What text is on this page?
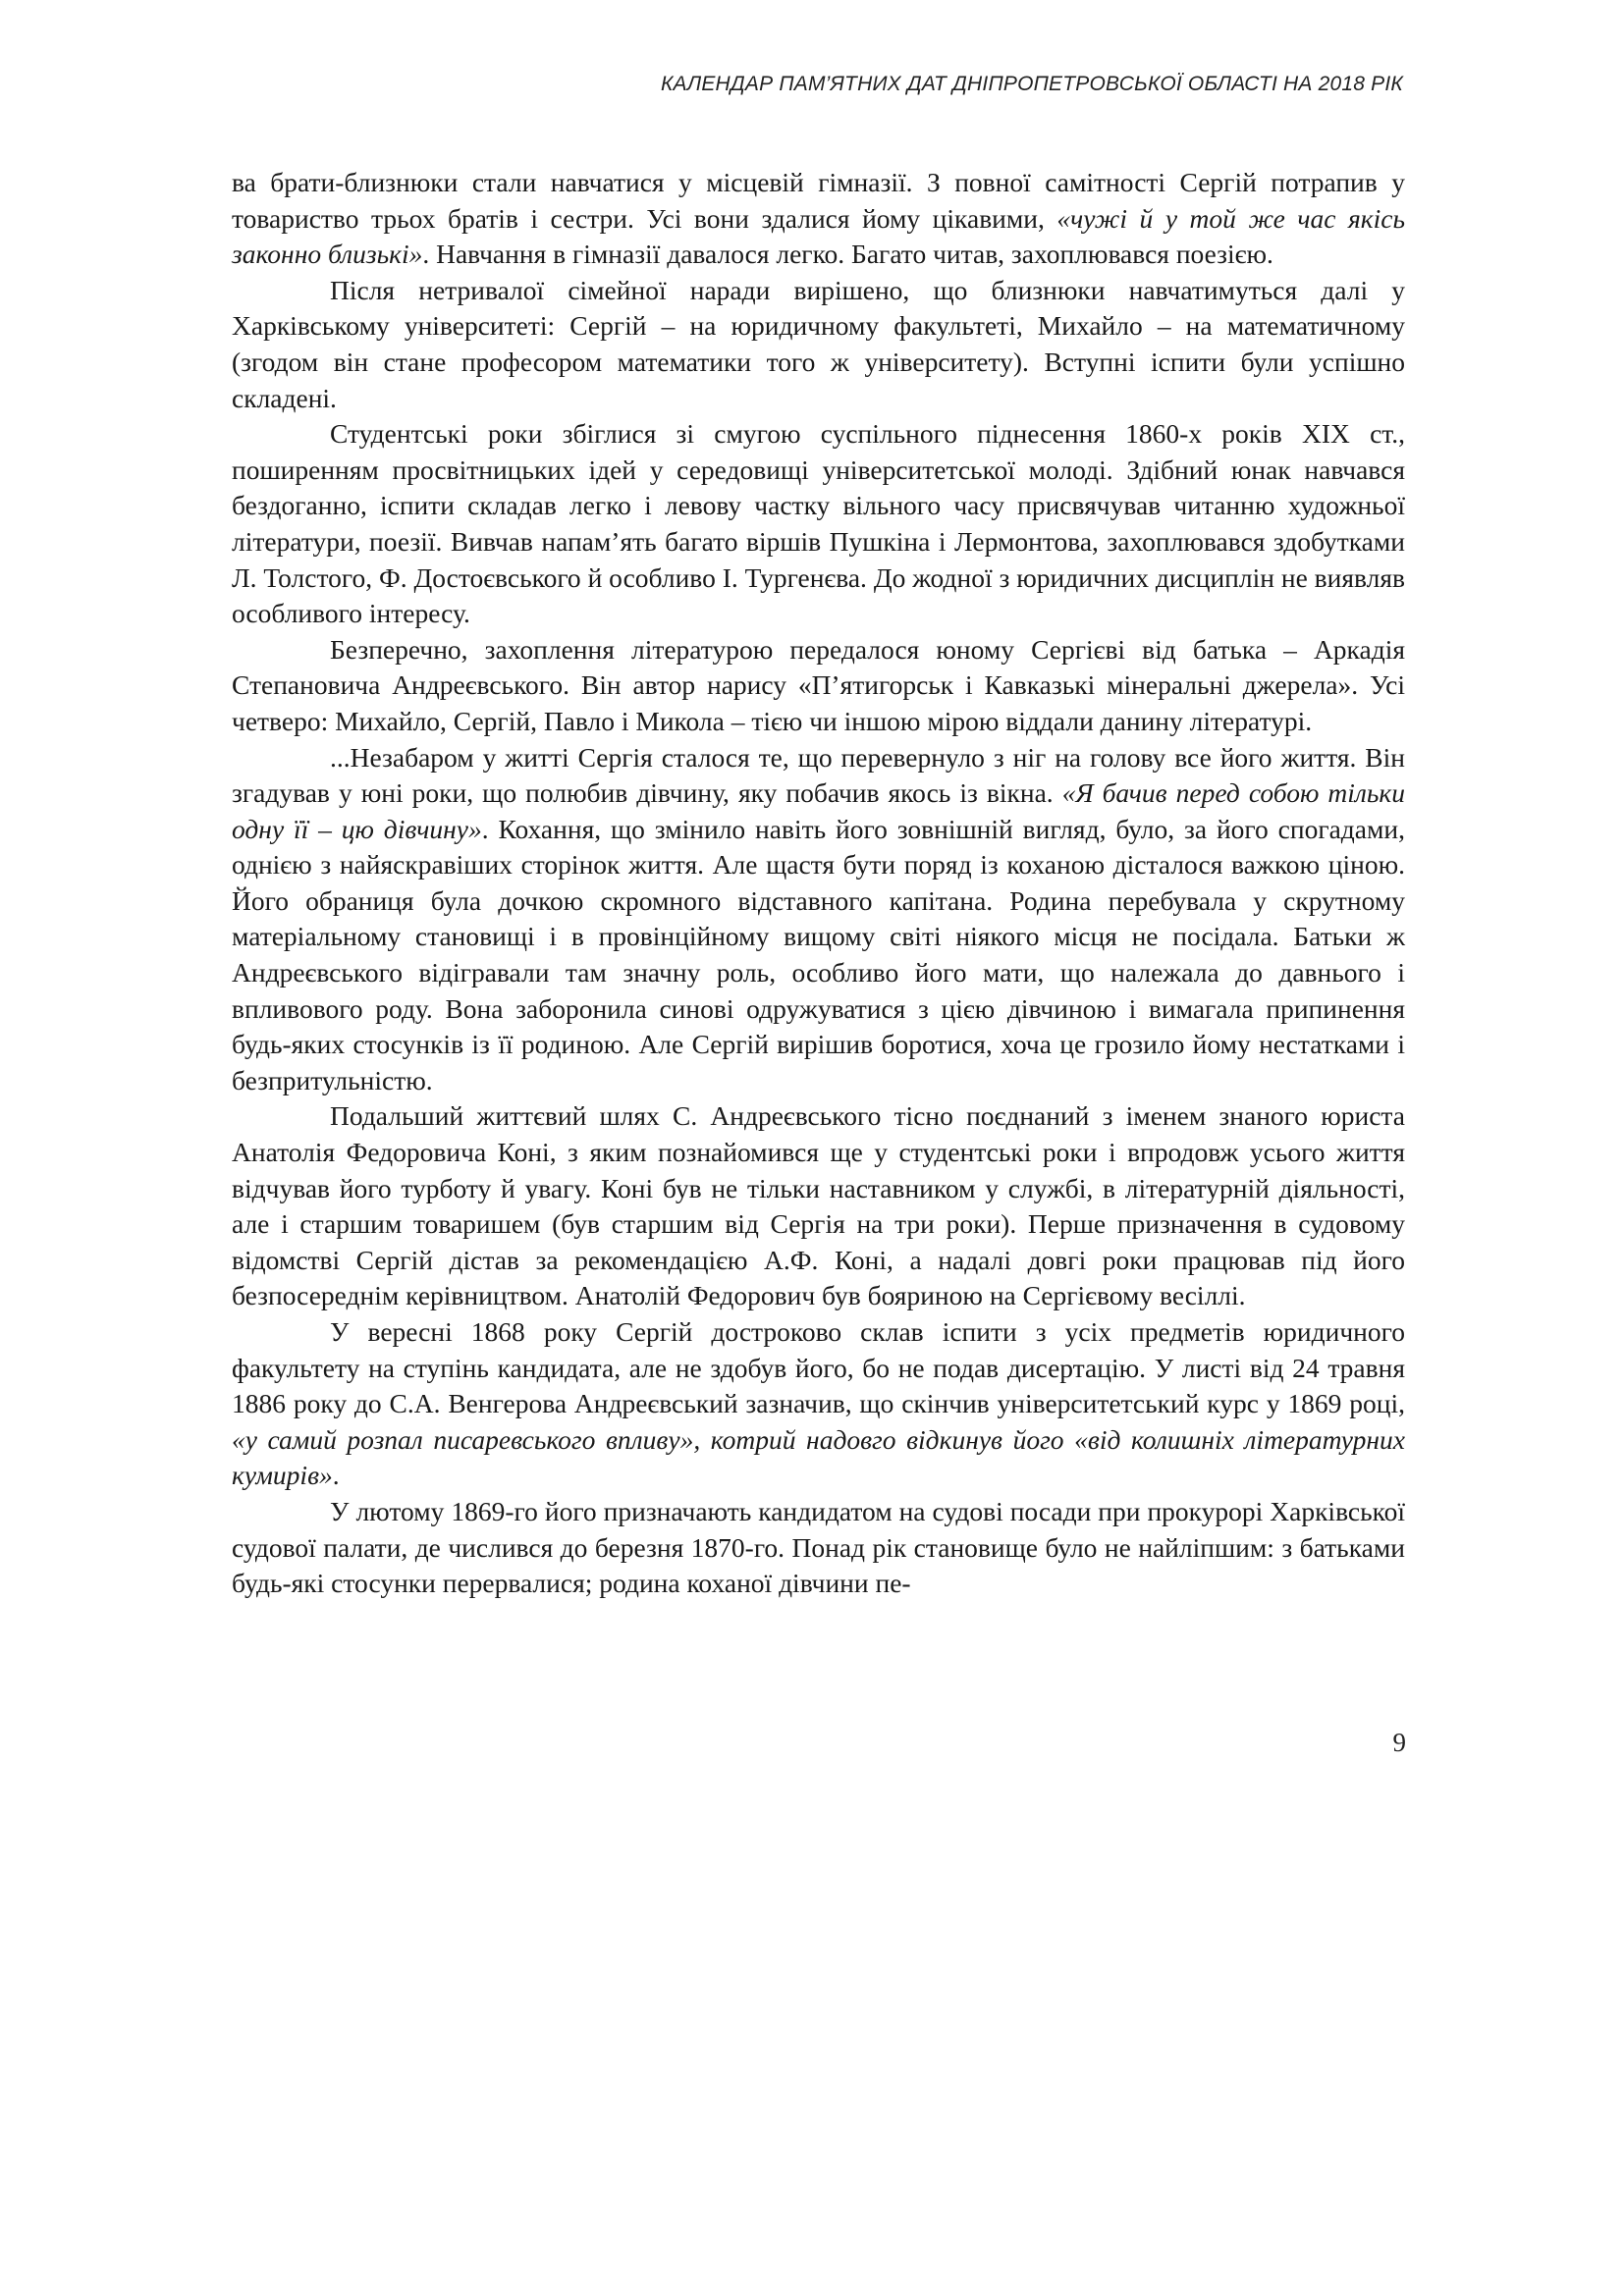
КАЛЕНДАР ПАМ’ЯТНИХ ДАТ ДНІПРОПЕТРОВСЬКОЇ ОБЛАСТІ НА 2018 РІК

ва брати-близнюки стали навчатися у місцевій гімназії. З повної самітності Сергій потрапив у товариство трьох братів і сестри. Усі вони здалися йому цікавими, «чужі й у той же час якісь законно близькі». Навчання в гімназії давалося легко. Багато читав, захоплювався поезією.

Після нетривалої сімейної наради вирішено, що близнюки навчатимуться далі у Харківському університеті: Сергій – на юридичному факультеті, Михайло – на математичному (згодом він стане професором математики того ж університету). Вступні іспити були успішно складені.

Студентські роки збіглися зі смугою суспільного піднесення 1860-х років XIX ст., поширенням просвітницьких ідей у середовищі університетської молоді. Здібний юнак навчався бездоганно, іспити складав легко і левову частку вільного часу присвячував читанню художньої літератури, поезії. Вивчав напам’ять багато віршів Пушкіна і Лермонтова, захоплювався здобутками Л. Толстого, Ф. Достоєвського й особливо І. Тургенєва. До жодної з юридичних дисциплін не виявляв особливого інтересу.

Безперечно, захоплення літературою передалося юному Сергієві від батька – Аркадія Степановича Андреєвського. Він автор нарису «П’ятигорськ і Кавказькі мінеральні джерела». Усі четверо: Михайло, Сергій, Павло і Микола – тією чи іншою мірою віддали данину літературі.

...Незабаром у житті Сергія сталося те, що перевернуло з ніг на голову все його життя. Він згадував у юні роки, що полюбив дівчину, яку побачив якось із вікна. «Я бачив перед собою тільки одну її – цю дівчину». Кохання, що змінило навіть його зовнішній вигляд, було, за його спогадами, однією з найяскравіших сторінок життя. Але щастя бути поряд із коханою дісталося важкою ціною. Його обраниця була дочкою скромного відставного капітана. Родина перебувала у скрутному матеріальному становищі і в провінційному вищому світі ніякого місця не посідала. Батьки ж Андреєвського відігравали там значну роль, особливо його мати, що належала до давнього і впливового роду. Вона заборонила синові одружуватися з цією дівчиною і вимагала припинення будь-яких стосунків із її родиною. Але Сергій вирішив боротися, хоча це грозило йому нестатками і безпритульністю.

Подальший життєвий шлях С. Андреєвського тісно поєднаний з іменем знаного юриста Анатолія Федоровича Коні, з яким познайомився ще у студентські роки і впродовж усього життя відчував його турботу й увагу. Коні був не тільки наставником у службі, в літературній діяльності, але і старшим товаришем (був старшим від Сергія на три роки). Перше призначення в судовому відомстві Сергій дістав за рекомендацією А.Ф. Коні, а надалі довгі роки працював під його безпосереднім керівництвом. Анатолій Федорович був бояриною на Сергієвому весіллі.

У вересні 1868 року Сергій достроково склав іспити з усіх предметів юридичного факультету на ступінь кандидата, але не здобув його, бо не подав дисертацію. У листі від 24 травня 1886 року до С.А. Венгерова Андреєвський зазначив, що скінчив університетський курс у 1869 році, «у самий розпал писаревського впливу», котрий надовго відкинув його «від колишніх літературних кумирів».

У лютому 1869-го його призначають кандидатом на судові посади при прокурорі Харківської судової палати, де числився до березня 1870-го. Понад рік становище було не найліпшим: з батьками будь-які стосунки перервалися; родина коханої дівчини пе-

9
